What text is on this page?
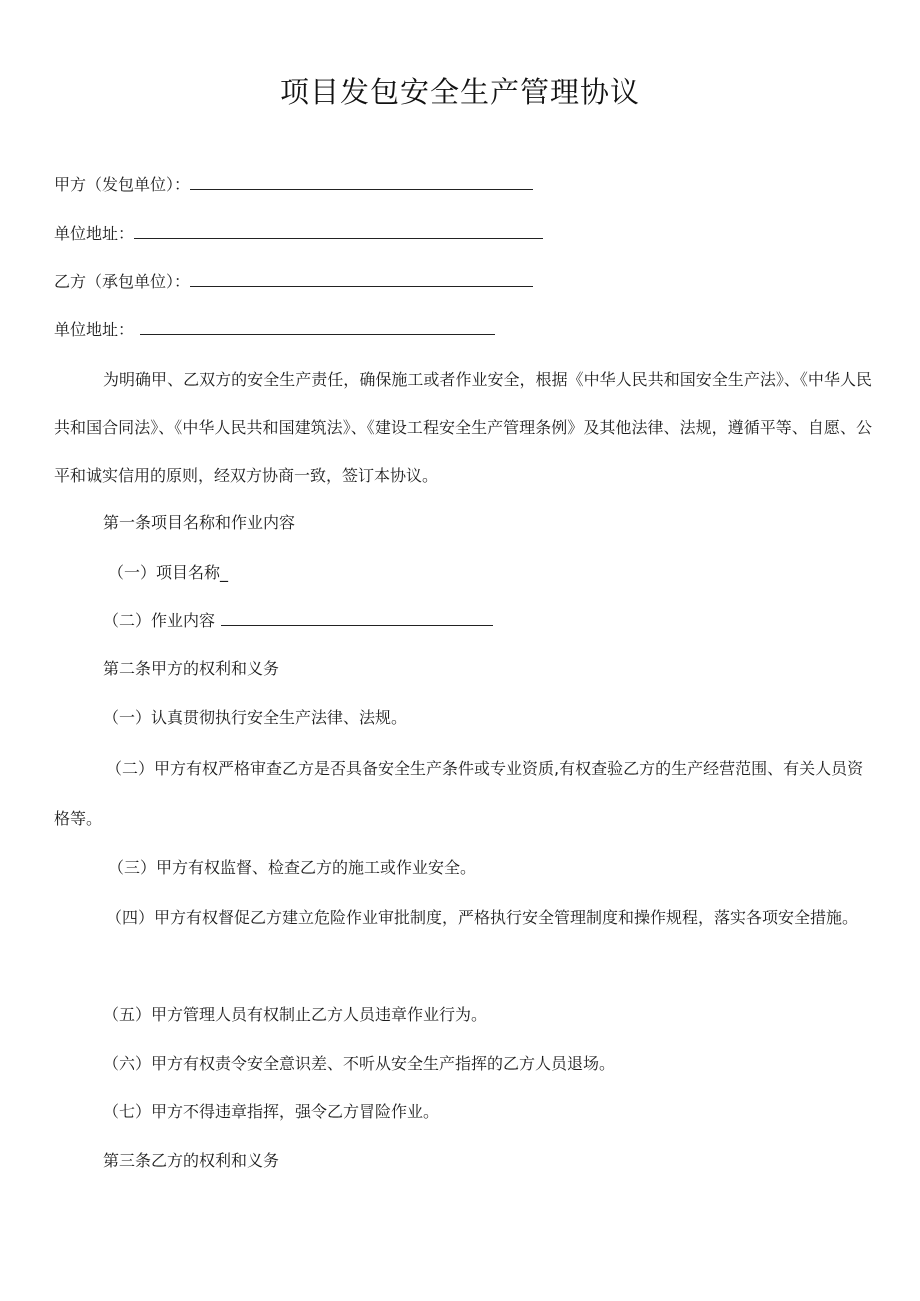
项目发包安全生产管理协议
甲方（发包单位）：
单位地址：
乙方（承包单位）：
单位地址：

为明确甲、乙双方的安全生产责任，确保施工或者作业安全，根据《中华人民共和国安全生产法》、《中华人民共和国合同法》、《中华人民共和国建筑法》、《建设工程安全生产管理条例》及其他法律、法规，遵循平等、自愿、公平和诚实信用的原则，经双方协商一致，签订本协议。

第一条项目名称和作业内容
（一）项目名称_
（二）作业内容
第二条甲方的权利和义务
（一）认真贯彻执行安全生产法律、法规。

（二）甲方有权严格审查乙方是否具备安全生产条件或专业资质,有权查验乙方的生产经营范围、有关人员资格等。

（三）甲方有权监督、检查乙方的施工或作业安全。

（四）甲方有权督促乙方建立危险作业审批制度，严格执行安全管理制度和操作规程，落实各项安全措施。

（五）甲方管理人员有权制止乙方人员违章作业行为。
（六）甲方有权责令安全意识差、不听从安全生产指挥的乙方人员退场。
（七）甲方不得违章指挥，强令乙方冒险作业。
第三条乙方的权利和义务
